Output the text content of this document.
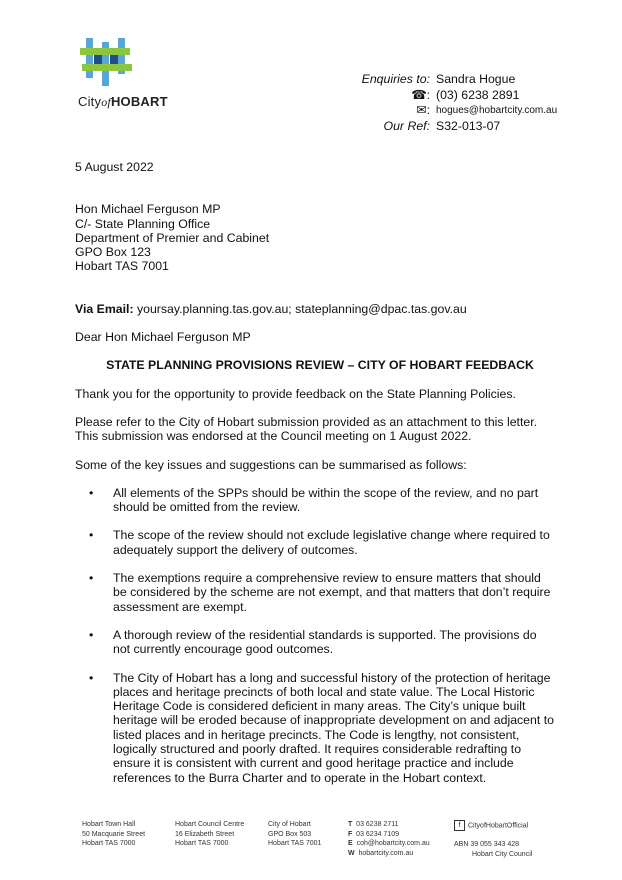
CityofHOBART
Enquiries to: Sandra Hogue
☎: (03) 6238 2891
✉: hogues@hobartcity.com.au
Our Ref: S32-013-07

5 August 2022

Hon Michael Ferguson MP
C/- State Planning Office
Department of Premier and Cabinet
GPO Box 123
Hobart TAS 7001

Via Email: yoursay.planning.tas.gov.au; stateplanning@dpac.tas.gov.au

Dear Hon Michael Ferguson MP

STATE PLANNING PROVISIONS REVIEW – CITY OF HOBART FEEDBACK

Thank you for the opportunity to provide feedback on the State Planning Policies.

Please refer to the City of Hobart submission provided as an attachment to this letter. This submission was endorsed at the Council meeting on 1 August 2022.

Some of the key issues and suggestions can be summarised as follows:

• All elements of the SPPs should be within the scope of the review, and no part should be omitted from the review.
• The scope of the review should not exclude legislative change where required to adequately support the delivery of outcomes.
• The exemptions require a comprehensive review to ensure matters that should be considered by the scheme are not exempt, and that matters that don’t require assessment are exempt.
• A thorough review of the residential standards is supported. The provisions do not currently encourage good outcomes.
• The City of Hobart has a long and successful history of the protection of heritage places and heritage precincts of both local and state value. The Local Historic Heritage Code is considered deficient in many areas. The City’s unique built heritage will be eroded because of inappropriate development on and adjacent to listed places and in heritage precincts. The Code is lengthy, not consistent, logically structured and poorly drafted. It requires considerable redrafting to ensure it is consistent with current and good heritage practice and include references to the Burra Charter and to operate in the Hobart context.
Hobart Town Hall
50 Macquarie Street
Hobart TAS 7000
Hobart Council Centre
16 Elizabeth Street
Hobart TAS 7000
City of Hobart
GPO Box 503
Hobart TAS 7001
T 03 6238 2711
F 03 6234 7109
E coh@hobartcity.com.au
W hobartcity.com.au
f CityofHobartOfficial
ABN 39 055 343 428
Hobart City Council
